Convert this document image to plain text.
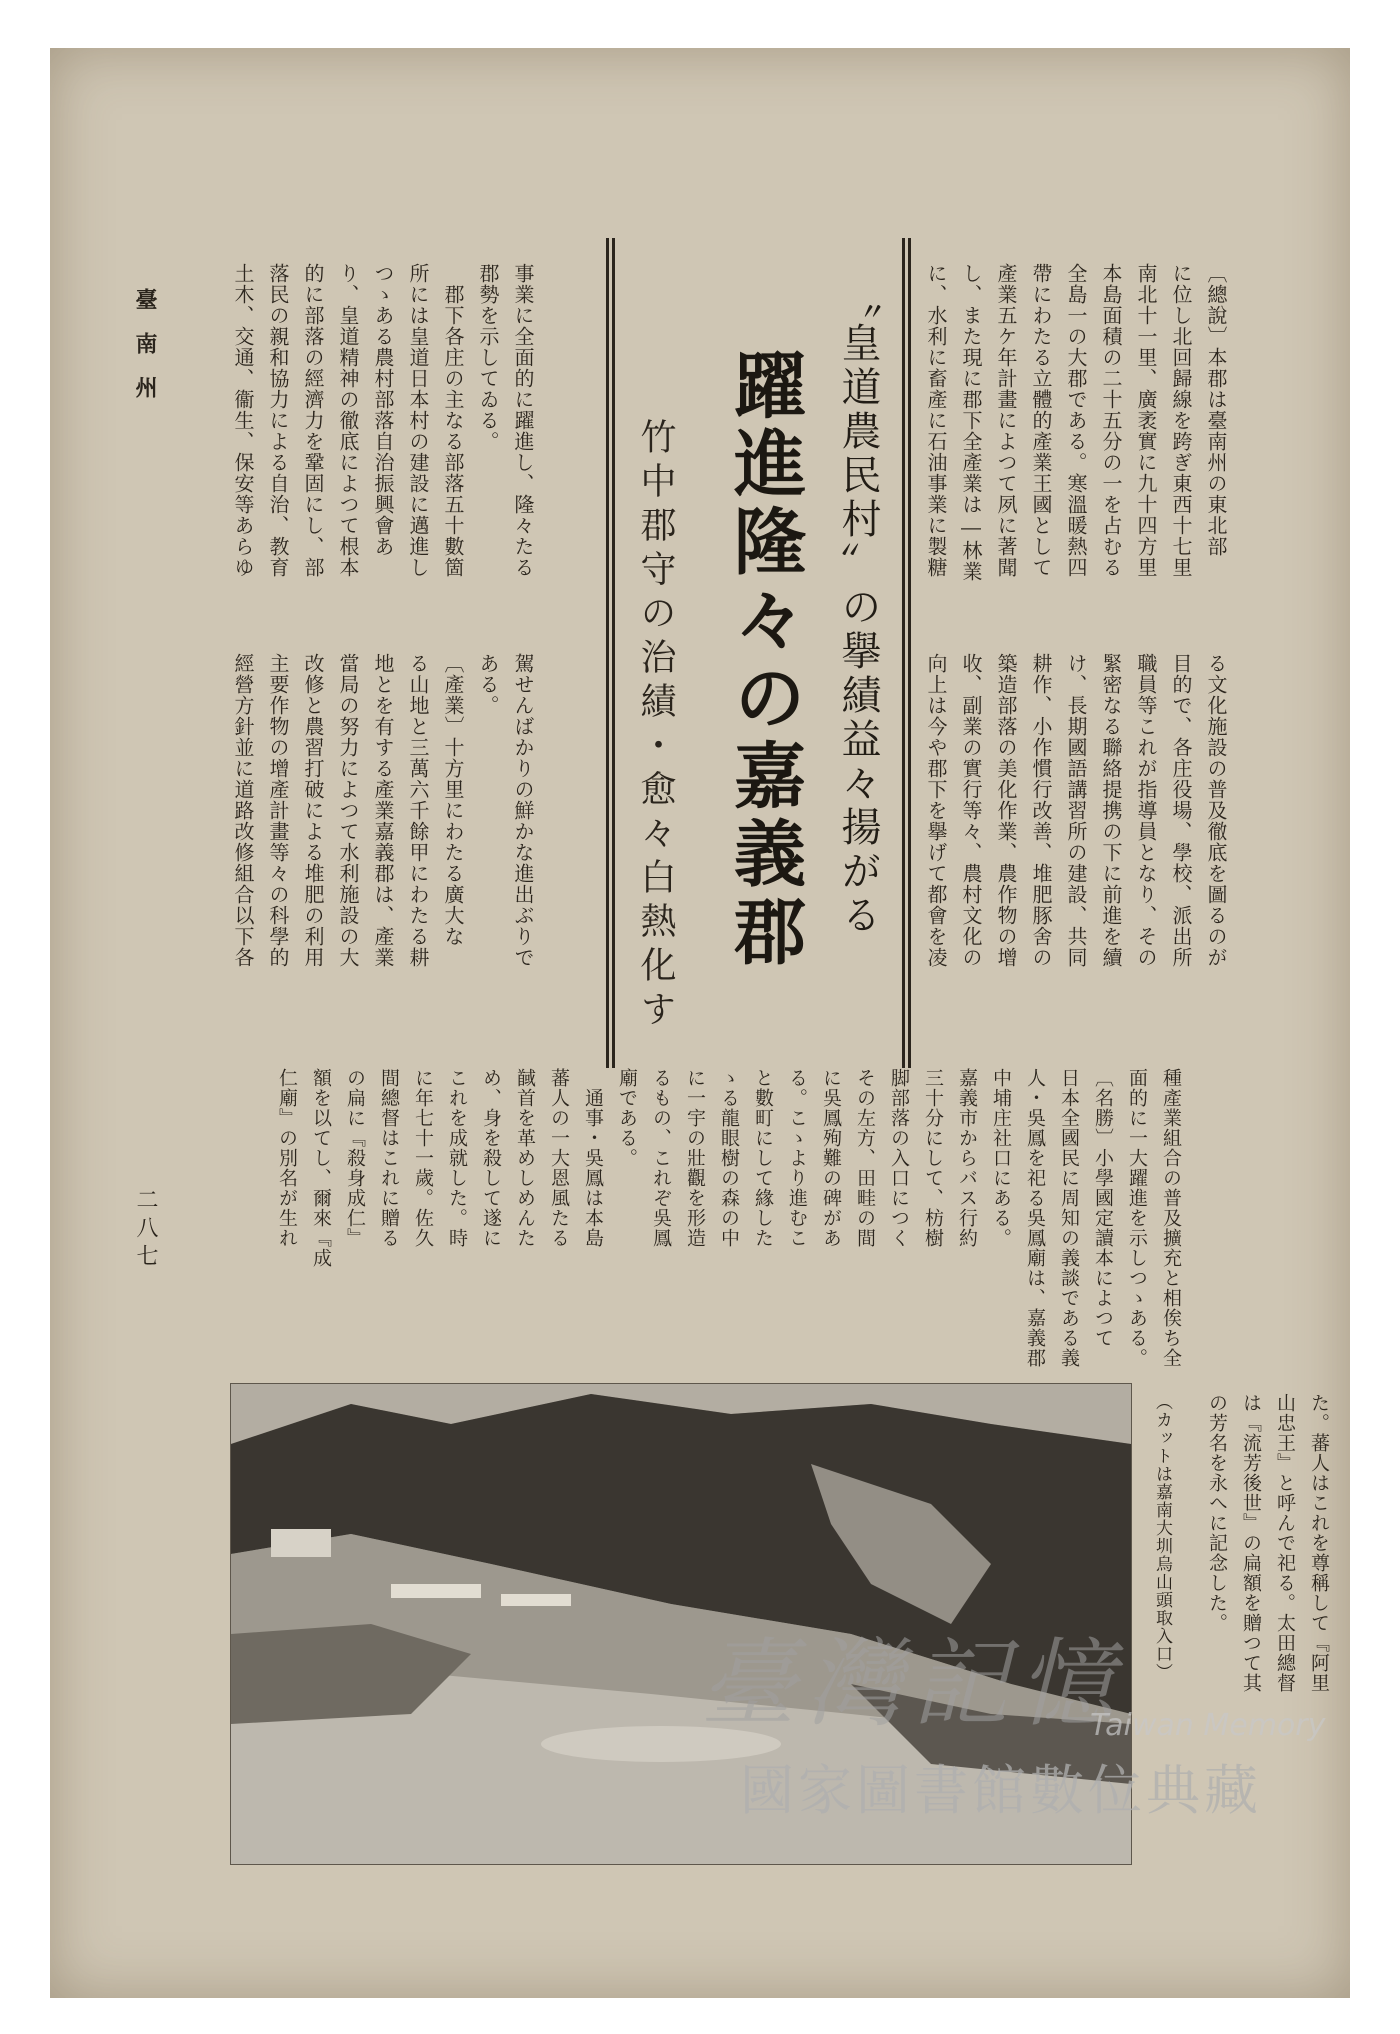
臺南州
二八七
〔總說〕本郡は臺南州の東北部
に位し北回歸線を跨ぎ東西十七里
南北十一里、廣袤實に九十四方里
本島面積の二十五分の一を占むる
全島一の大郡である。寒溫暖熱四
帶にわたる立體的產業王國として
產業五ケ年計畫によつて夙に著聞
し、また現に郡下全產業は―林業
に、水利に畜產に石油事業に製糖
〝皇道農民村〟の擧績益々揚がる
躍進隆々の嘉義郡
竹中郡守の治績・愈々白熱化す
事業に全面的に躍進し、隆々たる
郡勢を示してゐる。
　郡下各庄の主なる部落五十數箇
所には皇道日本村の建設に邁進し
つゝある農村部落自治振興會あ
り、皇道精神の徹底によつて根本
的に部落の經濟力を鞏固にし、部
落民の親和協力による自治、教育
土木、交通、衞生、保安等あらゆ
る文化施設の普及徹底を圖るのが
目的で、各庄役場、學校、派出所
職員等これが指導員となり、その
緊密なる聯絡提携の下に前進を續
け、長期國語講習所の建設、共同
耕作、小作慣行改善、堆肥豚舍の
築造部落の美化作業、農作物の增
收、副業の實行等々、農村文化の
向上は今や郡下を擧げて都會を凌
駕せんばかりの鮮かな進出ぶりで
ある。
〔產業〕十方里にわたる廣大な
る山地と三萬六千餘甲にわたる耕
地とを有する產業嘉義郡は、產業
當局の努力によつて水利施設の大
改修と農習打破による堆肥の利用
主要作物の增產計畫等々の科學的
經營方針並に道路改修組合以下各
種產業組合の普及擴充と相俟ち全
面的に一大躍進を示しつゝある。
〔名勝〕小學國定讀本によつて
日本全國民に周知の義談である義
人・吳鳳を祀る吳鳳廟は、嘉義郡
中埔庄社口にある。
嘉義市からバス行約
三十分にして、枋樹
脚部落の入口につく
その左方、田畦の間
に吳鳳殉難の碑があ
る。こゝより進むこ
と數町にして緣した
ゝる龍眼樹の森の中
に一宇の壯觀を形造
るもの、これぞ吳鳳
廟である。
　通事・吳鳳は本島
蕃人の一大恩風たる
馘首を革めしめんた
め、身を殺して遂に
これを成就した。時
に年七十一歲。佐久
間總督はこれに贈る
の扁に『殺身成仁』
額を以てし、爾來『成
仁廟』の別名が生れ
た。蕃人はこれを尊稱して『阿里
山忠王』と呼んで祀る。太田總督
は『流芳後世』の扁額を贈つて其
の芳名を永へに記念した。
（カットは嘉南大圳烏山頭取入口）
臺灣記憶
Taiwan Memory
國家圖書館數位典藏
